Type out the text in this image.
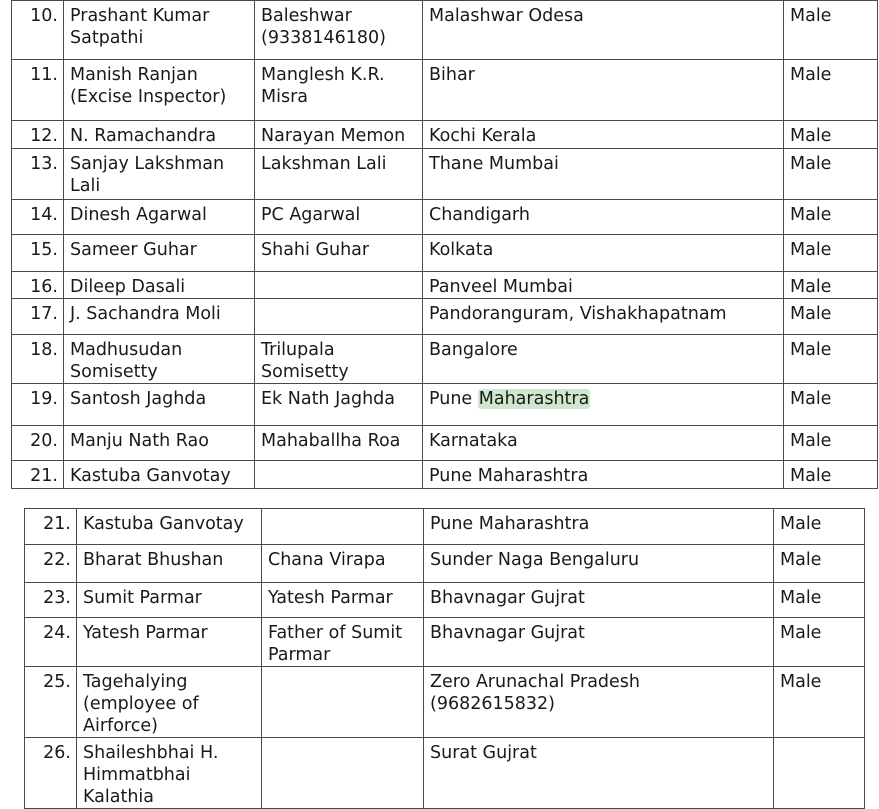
10.	Prashant Kumar Satpathi	Baleshwar (9338146180)	Malashwar Odesa	Male
11.	Manish Ranjan (Excise Inspector)	Manglesh K.R. Misra	Bihar	Male
12.	N. Ramachandra	Narayan Memon	Kochi Kerala	Male
13.	Sanjay Lakshman Lali	Lakshman Lali	Thane Mumbai	Male
14.	Dinesh Agarwal	PC Agarwal	Chandigarh	Male
15.	Sameer Guhar	Shahi Guhar	Kolkata	Male
16.	Dileep Dasali		Panveel Mumbai	Male
17.	J. Sachandra Moli		Pandoranguram, Vishakhapatnam	Male
18.	Madhusudan Somisetty	Trilupala Somisetty	Bangalore	Male
19.	Santosh Jaghda	Ek Nath Jaghda	Pune Maharashtra	Male
20.	Manju Nath Rao	Mahaballha Roa	Karnataka	Male
21.	Kastuba Ganvotay		Pune Maharashtra	Male
21.	Kastuba Ganvotay		Pune Maharashtra	Male
22.	Bharat Bhushan	Chana Virapa	Sunder Naga Bengaluru	Male
23.	Sumit Parmar	Yatesh Parmar	Bhavnagar Gujrat	Male
24.	Yatesh Parmar	Father of Sumit Parmar	Bhavnagar Gujrat	Male
25.	Tagehalying (employee of Airforce)		Zero Arunachal Pradesh (9682615832)	Male
26.	Shaileshbhai H. Himmatbhai Kalathia		Surat Gujrat	
